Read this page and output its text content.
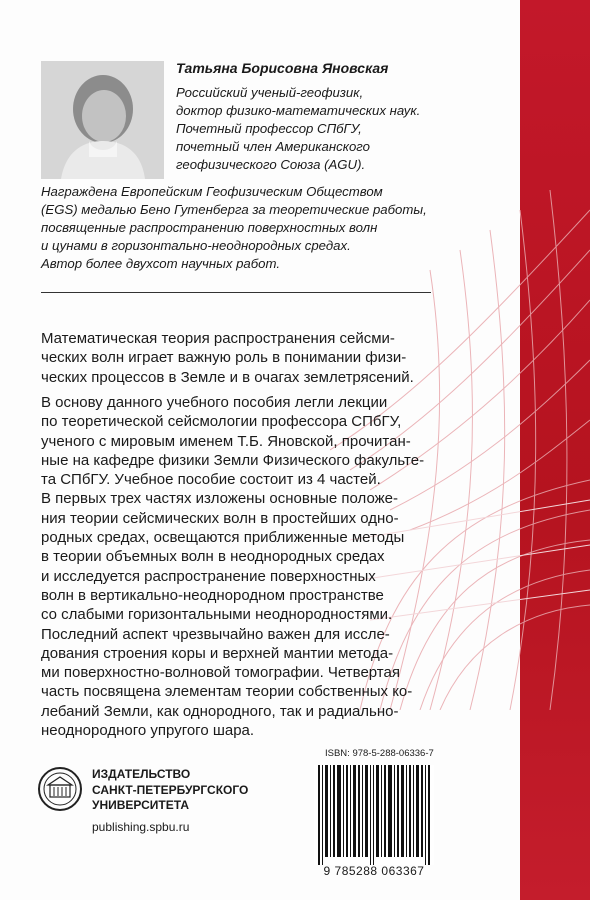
Татьяна Борисовна Яновская
Российский ученый-геофизик,
доктор физико-математических наук.
Почетный профессор СПбГУ,
почетный член Американского
геофизического Союза (AGU).
Награждена Европейским Геофизическим Обществом
(EGS) медалью Бено Гутенберга за теоретические работы,
посвященные распространению поверхностных волн
и цунами в горизонтально-неоднородных средах.
Автор более двухсот научных работ.
Математическая теория распространения сейсми-
ческих волн играет важную роль в понимании физи-
ческих процессов в Земле и в очагах землетрясений.
В основу данного учебного пособия легли лекции
по теоретической сейсмологии профессора СПбГУ,
ученого с мировым именем Т.Б. Яновской, прочитан-
ные на кафедре физики Земли Физического факульте-
та СПбГУ. Учебное пособие состоит из 4 частей.
В первых трех частях изложены основные положе-
ния теории сейсмических волн в простейших одно-
родных средах, освещаются приближенные методы
в теории объемных волн в неоднородных средах
и исследуется распространение поверхностных
волн в вертикально-неоднородном пространстве
со слабыми горизонтальными неоднородностями.
Последний аспект чрезвычайно важен для иссле-
дования строения коры и верхней мантии метода-
ми поверхностно-волновой томографии. Четвертая
часть посвящена элементам теории собственных ко-
лебаний Земли, как однородного, так и радиально-
неоднородного упругого шара.
ИЗДАТЕЛЬСТВО
САНКТ-ПЕТЕРБУРГСКОГО
УНИВЕРСИТЕТА
publishing.spbu.ru
ISBN: 978-5-288-06336-7
9 785288 063367
